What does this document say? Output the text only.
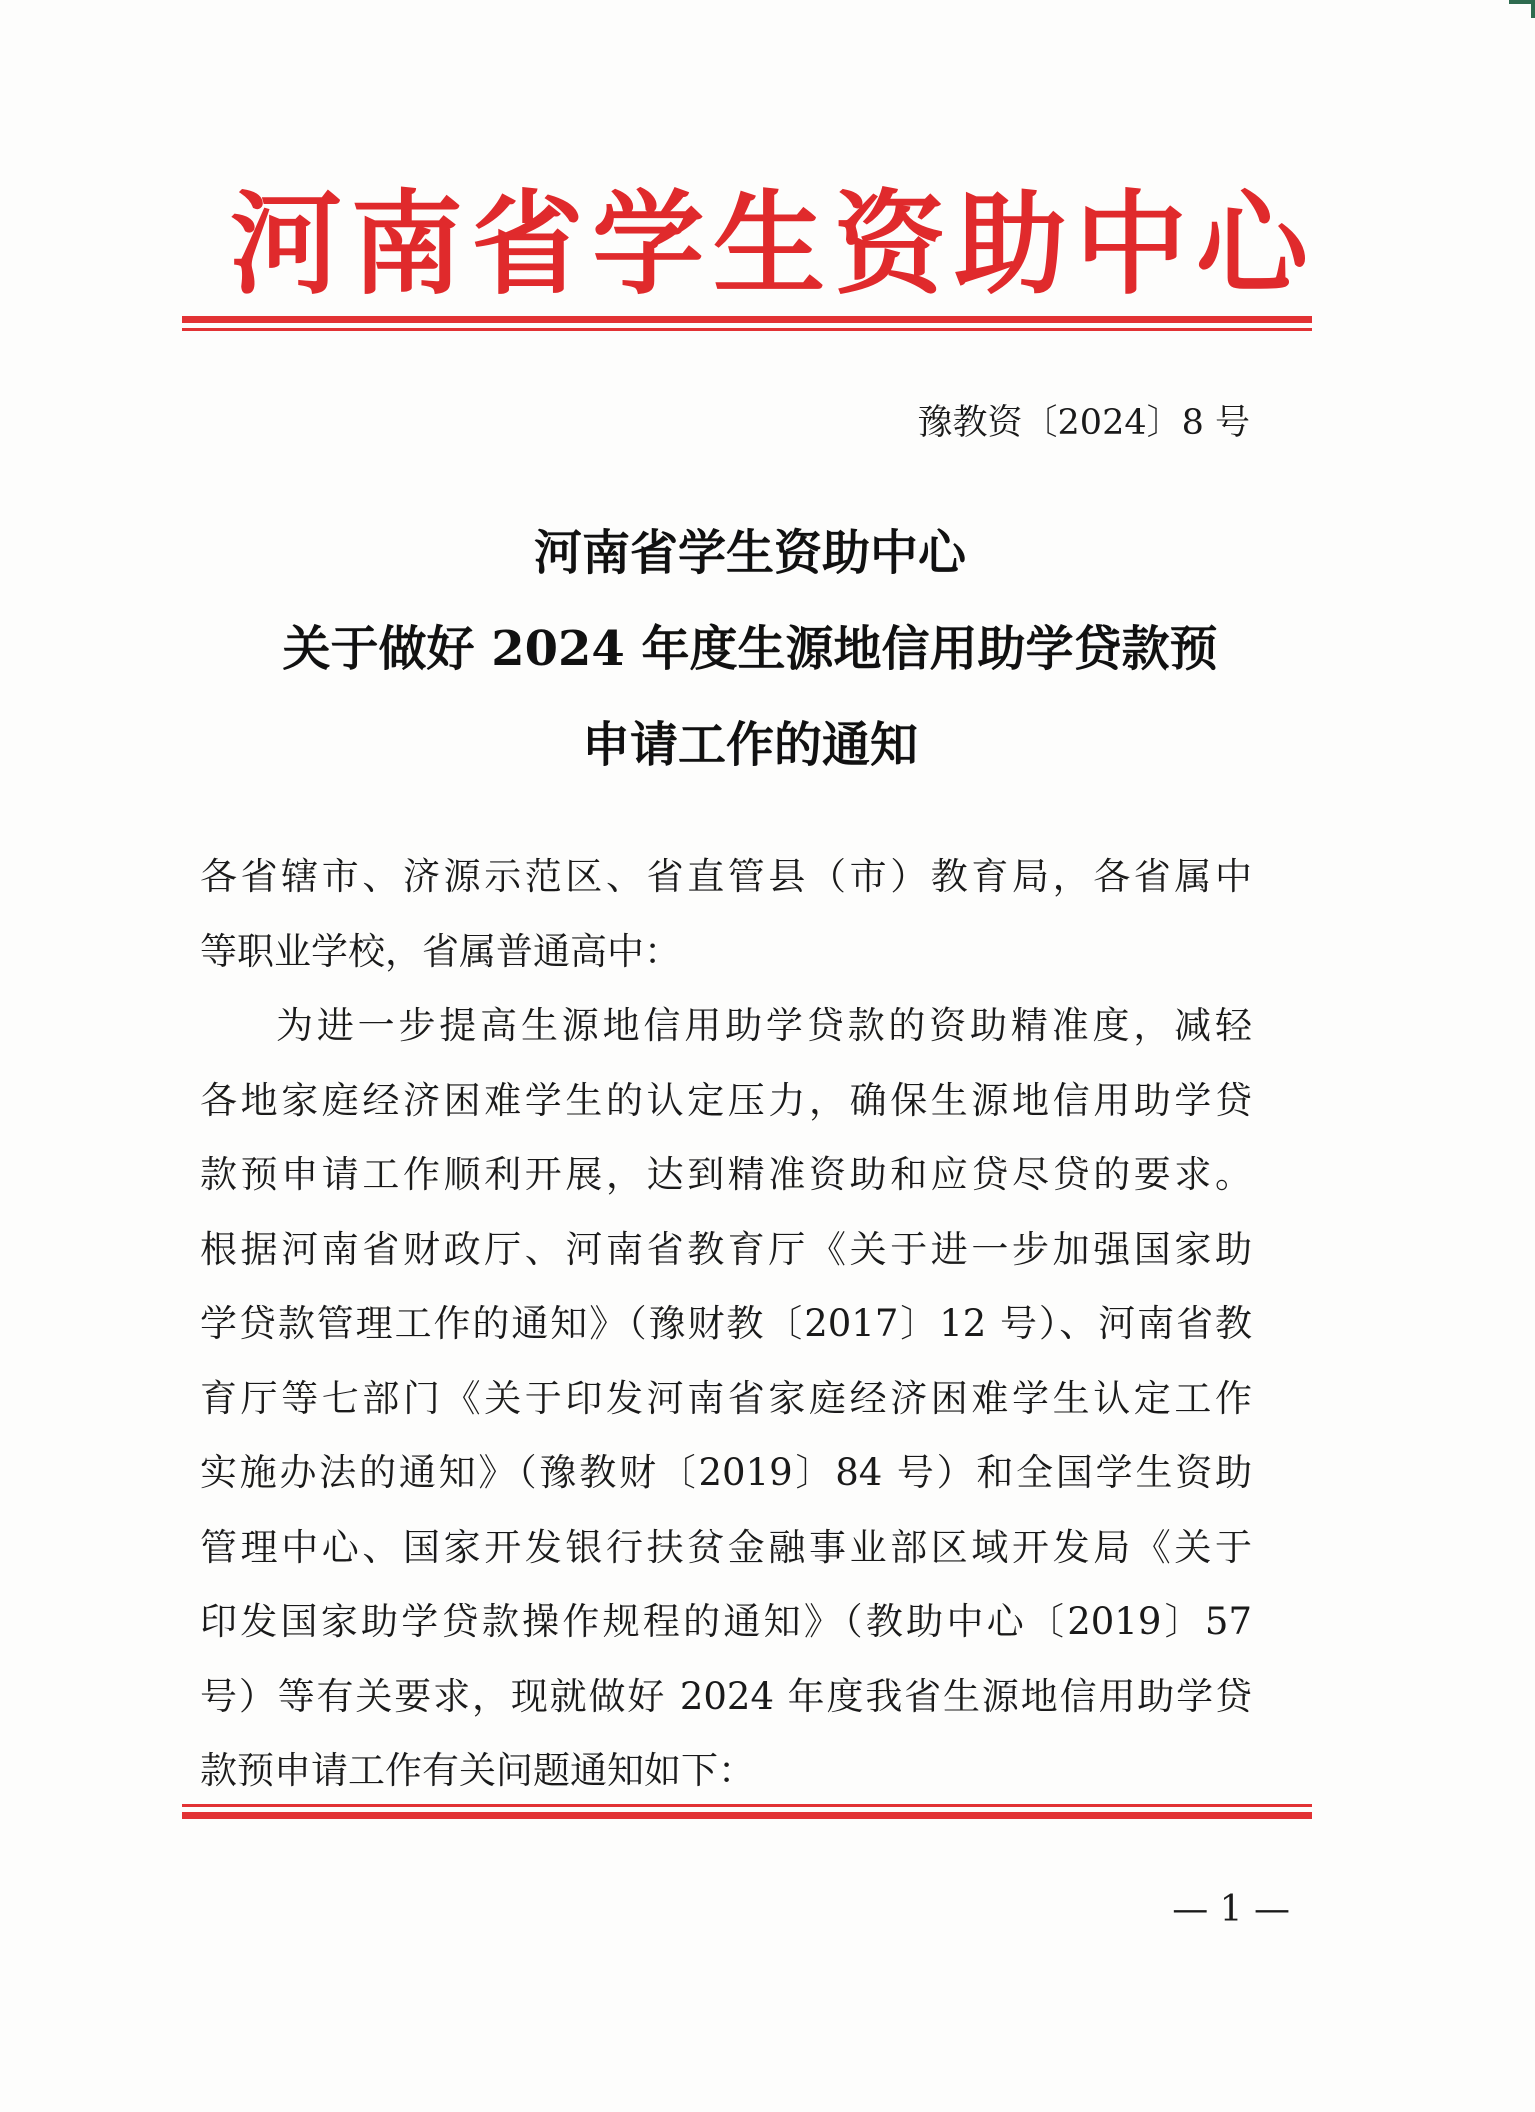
河南省学生资助中心
豫教资〔2024〕8 号
河南省学生资助中心
关于做好 2024 年度生源地信用助学贷款预
申请工作的通知
各省辖市、济源示范区、省直管县（市）教育局，各省属中
等职业学校，省属普通高中：
为进一步提高生源地信用助学贷款的资助精准度，减轻
各地家庭经济困难学生的认定压力，确保生源地信用助学贷
款预申请工作顺利开展，达到精准资助和应贷尽贷的要求。
根据河南省财政厅、河南省教育厅《关于进一步加强国家助
学贷款管理工作的通知》（豫财教〔2017〕12 号）、河南省教
育厅等七部门《关于印发河南省家庭经济困难学生认定工作
实施办法的通知》（豫教财〔2019〕84 号）和全国学生资助
管理中心、国家开发银行扶贫金融事业部区域开发局《关于
印发国家助学贷款操作规程的通知》（教助中心〔2019〕57
号）等有关要求，现就做好 2024 年度我省生源地信用助学贷
款预申请工作有关问题通知如下：
— 1 —
